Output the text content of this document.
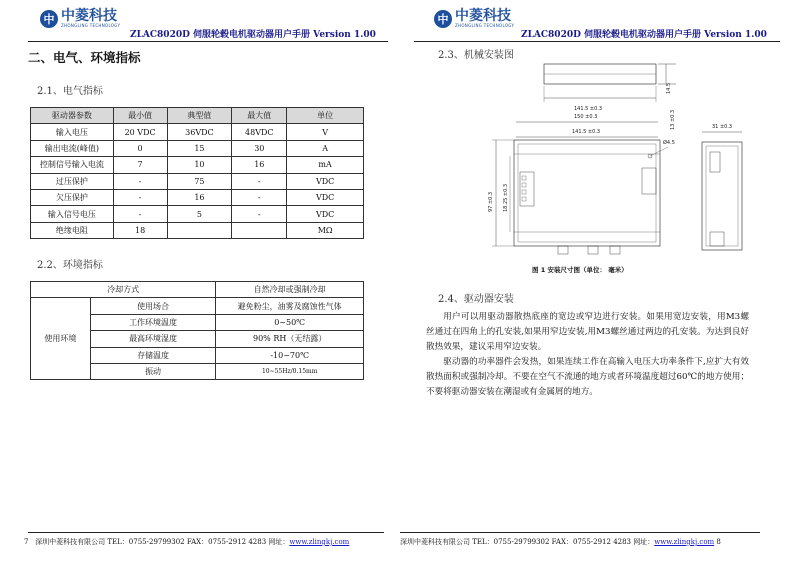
中 中菱科技
ZHONGLING TECHNOLOGY
ZLAC8020D 伺服轮毂电机驱动器用户手册 Version 1.00
二、电气、环境指标
2.1、电气指标
驱动器参数	最小值	典型值	最大值	单位
输入电压	20 VDC	36VDC	48VDC	V
输出电流(峰值)	0	15	30	A
控制信号输入电流	7	10	16	mA
过压保护	-	75	-	VDC
欠压保护	-	16	-	VDC
输入信号电压	-	5	-	VDC
绝缘电阻	18			MΩ
2.2、环境指标
冷却方式		自然冷却或强制冷却
使用环境	使用场合	避免粉尘，油雾及腐蚀性气体
	工作环境温度	0~50℃
	最高环境湿度	90% RH（无结露）
	存储温度	-10~70℃
	振动	10~55Hz/0.15mm
7 深圳中菱科技有限公司 TEL：0755-29799302 FAX：0755-2912 4283 网址：www.zlingkj.com
中 中菱科技
ZHONGLING TECHNOLOGY
ZLAC8020D 伺服轮毂电机驱动器用户手册 Version 1.00
2.3、机械安装图
141.5 ±0.3
14.5
13 ±0.3
150 ±0.3
141.5 ±0.3
Ø4.5
97 ±0.3 18.25 ±0.3
31 ±0.3
图 1 安装尺寸图（单位： 毫米）
2.4、驱动器安装

用户可以用驱动器散热底座的宽边或窄边进行安装。如果用宽边安装，用M3螺丝通过在四角上的孔安装,如果用窄边安装,用M3螺丝通过两边的孔安装。为达到良好散热效果，建议采用窄边安装。

驱动器的功率器件会发热，如果连续工作在高输入电压大功率条件下,应扩大有效散热面积或强制冷却。不要在空气不流通的地方或者环境温度超过60℃的地方使用；不要将驱动器安装在潮湿或有金属屑的地方。

深圳中菱科技有限公司 TEL：0755-29799302 FAX：0755-2912 4283 网址：www.zlingkj.com 8
